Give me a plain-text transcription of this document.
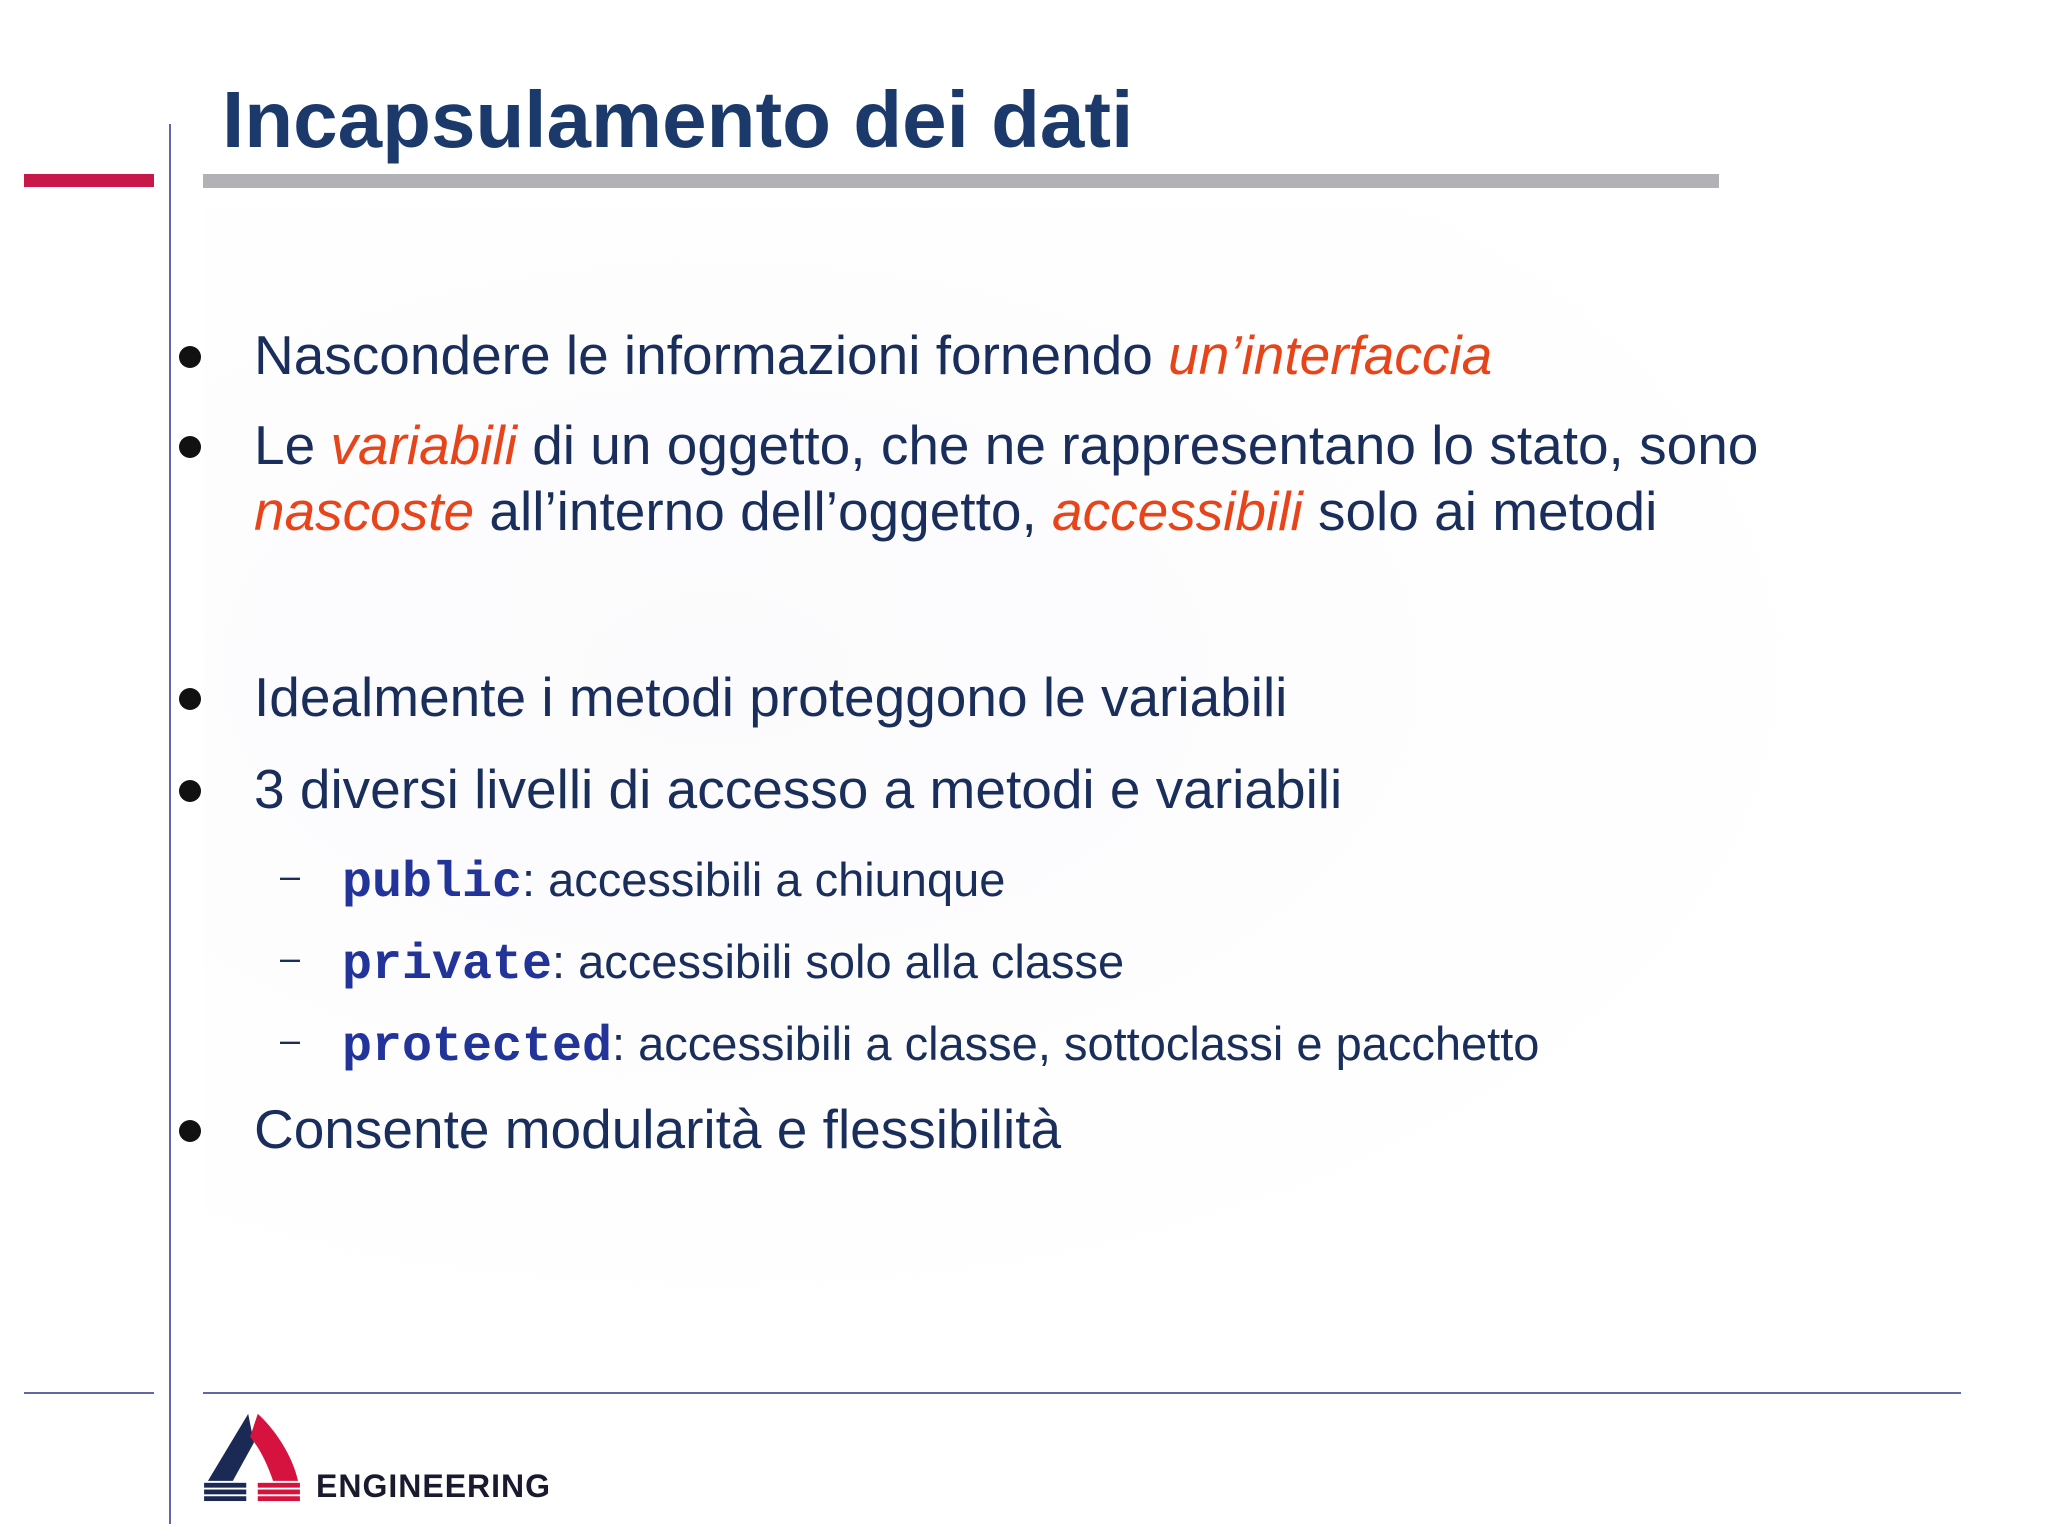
Incapsulamento dei dati
Nascondere le informazioni fornendo un’interfaccia
Le variabili di un oggetto, che ne rappresentano lo stato, sono
nascoste all’interno dell’oggetto, accessibili solo ai metodi
Idealmente i metodi proteggono le variabili
3 diversi livelli di accesso a metodi e variabili
– public: accessibili a chiunque
– private: accessibili solo alla classe
– protected: accessibili a classe, sottoclassi e pacchetto
Consente modularità e flessibilità
ENGINEERING
